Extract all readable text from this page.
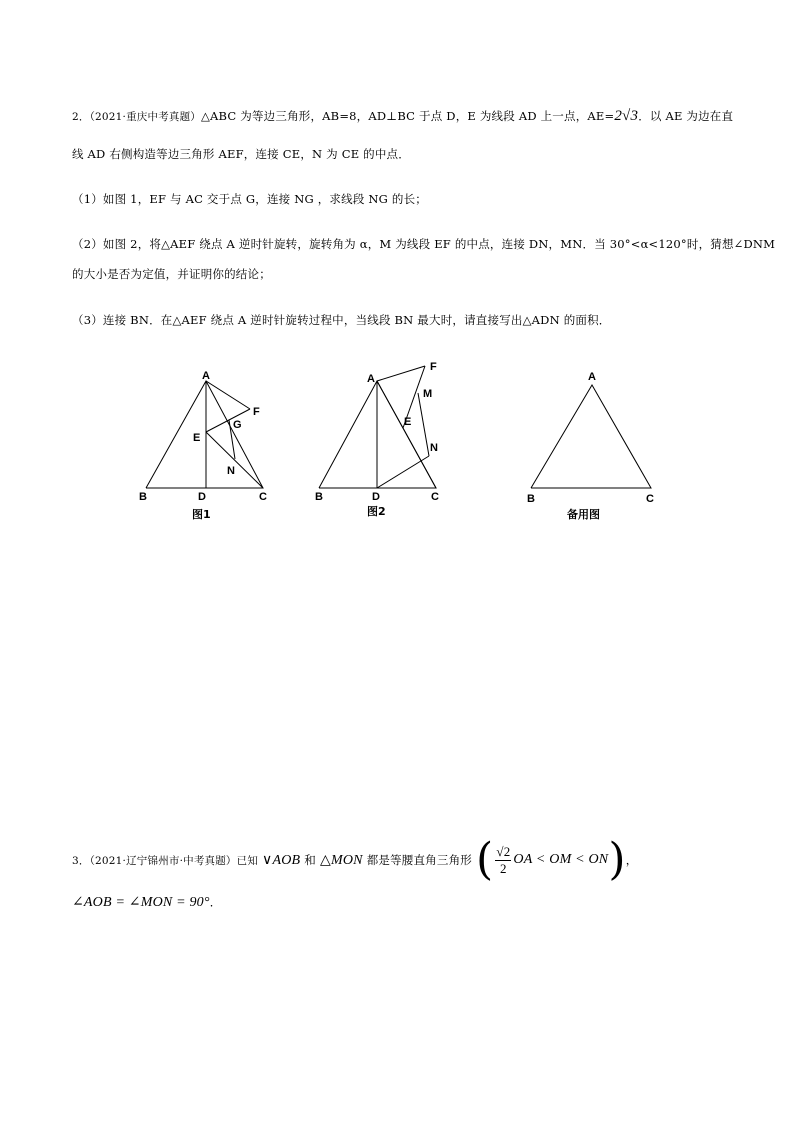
2．（2021·重庆中考真题）△ABC 为等边三角形，AB=8，AD⊥BC 于点 D，E 为线段 AD 上一点，AE=2√3．以 AE 为边在直
线 AD 右侧构造等边三角形 AEF，连接 CE，N 为 CE 的中点．
（1）如图 1，EF 与 AC 交于点 G，连接 NG ，求线段 NG 的长；
（2）如图 2，将△AEF 绕点 A 逆时针旋转，旋转角为 α，M 为线段 EF 的中点，连接 DN，MN．当 30°<α<120°时，猜想∠DNM
的大小是否为定值，并证明你的结论；
（3）连接 BN．在△AEF 绕点 A 逆时针旋转过程中，当线段 BN 最大时，请直接写出△ADN 的面积．
A
B	C
D
E
F
G
N
图1
A
B	C
D
E
F
M
N
图2
A
B	C
备用图
3．（2021·辽宁锦州市·中考真题）已知 ∨AOB 和 △MON 都是等腰直角三角形 ( $\frac{√2}{2}$ OA < OM < ON ) ，
∠AOB = ∠MON = 90°．
